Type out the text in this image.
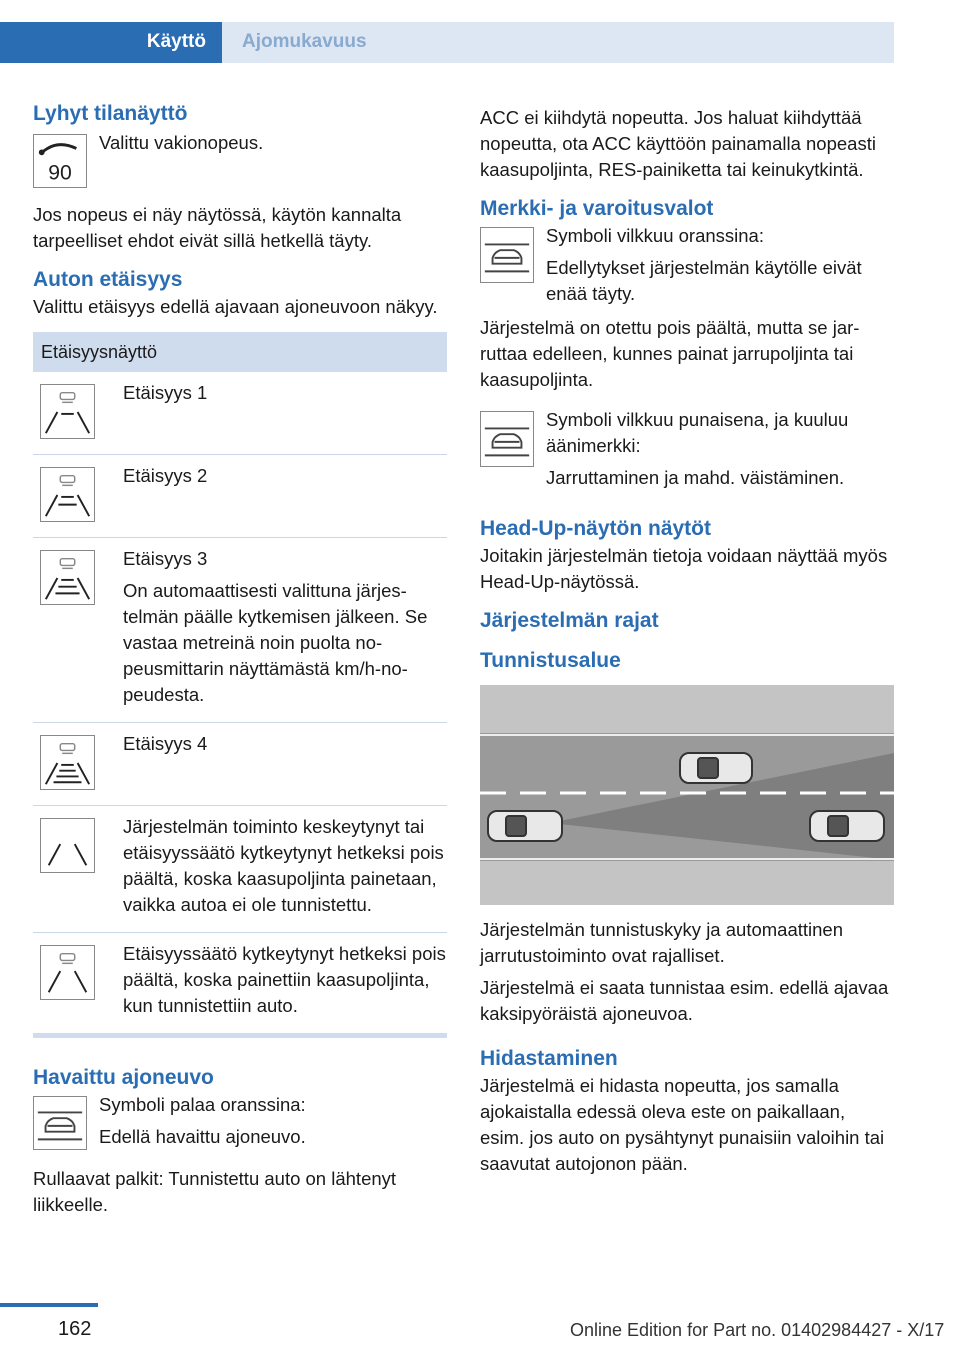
Käyttö Ajomukavuus
Lyhyt tilanäyttö
90

Valittu vakionopeus.

Jos nopeus ei näy näytössä, käytön kannalta tarpeelliset ehdot eivät sillä hetkellä täyty.

Auton etäisyys

Valittu etäisyys edellä ajavaan ajoneuvoon näkyy.

Etäisyysnäyttö

Etäisyys 1

Etäisyys 2

Etäisyys 3

On automaattisesti valittuna järjestelmän päälle kytkemisen jälkeen. Se vastaa metreinä noin puolta nopeusmittarin näyttämästä km/h-nopeudesta.

Etäisyys 4

Järjestelmän toiminto keskeytynyt tai etäisyyssäätö kytkeytynyt hetkeksi pois päältä, koska kaasupoljinta painetaan, vaikka autoa ei ole tunnistettu.

Etäisyyssäätö kytkeytynyt hetkeksi pois päältä, koska painettiin kaasupoljinta, kun tunnistettiin auto.

Havaittu ajoneuvo

Symboli palaa oranssina:

Edellä havaittu ajoneuvo.

Rullaavat palkit: Tunnistettu auto on lähtenyt liikkeelle.

ACC ei kiihdytä nopeutta. Jos haluat kiihdyttää nopeutta, ota ACC käyttöön painamalla nopeasti kaasupoljinta, RES-painiketta tai keinukytkintä.

Merkki- ja varoitusvalot

Symboli vilkkuu oranssina:

Edellytykset järjestelmän käytölle eivät enää täyty.

Järjestelmä on otettu pois päältä, mutta se jarruttaa edelleen, kunnes painat jarrupoljinta tai kaasupoljinta.

Symboli vilkkuu punaisena, ja kuuluu äänimerkki:

Jarruttaminen ja mahd. väistäminen.

Head-Up-näytön näytöt

Joitakin järjestelmän tietoja voidaan näyttää myös Head-Up-näytössä.

Järjestelmän rajat
Tunnistusalue

Järjestelmän tunnistuskyky ja automaattinen jarrutustoiminto ovat rajalliset.

Järjestelmä ei saata tunnistaa esim. edellä ajavaa kaksipyöräistä ajoneuvoa.

Hidastaminen

Järjestelmä ei hidasta nopeutta, jos samalla ajokaistalla edessä oleva este on paikallaan, esim. jos auto on pysähtynyt punaisiin valoihin tai saavutat autojonon pään.

162	Online Edition for Part no. 01402984427 - X/17
